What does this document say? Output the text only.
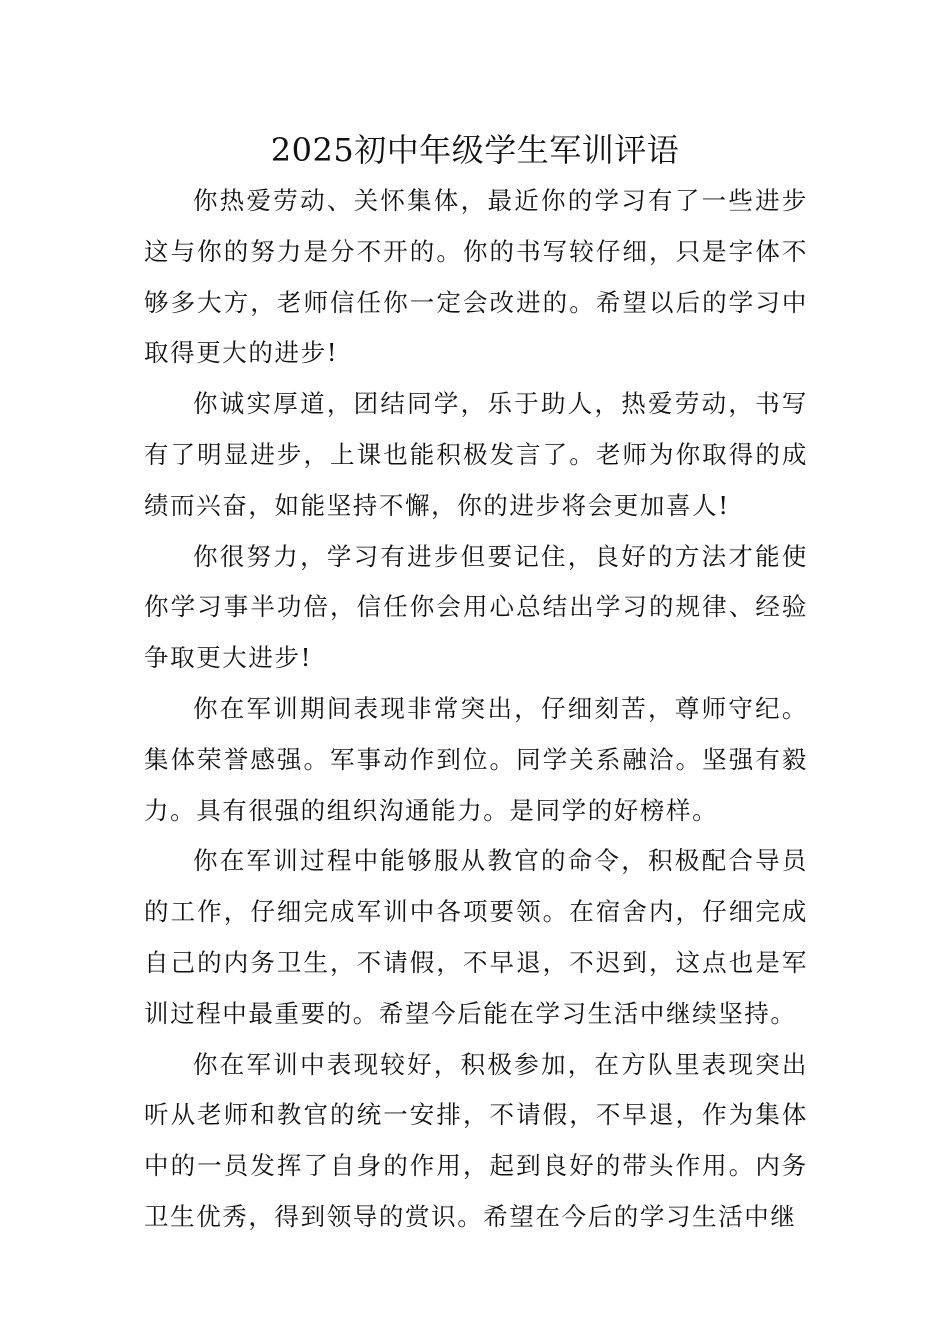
2025初中年级学生军训评语

你热爱劳动、关怀集体，最近你的学习有了一些进步这与你的努力是分不开的。你的书写较仔细，只是字体不够多大方，老师信任你一定会改进的。希望以后的学习中取得更大的进步!

你诚实厚道，团结同学，乐于助人，热爱劳动，书写有了明显进步，上课也能积极发言了。老师为你取得的成绩而兴奋，如能坚持不懈，你的进步将会更加喜人!

你很努力，学习有进步但要记住，良好的方法才能使你学习事半功倍，信任你会用心总结出学习的规律、经验争取更大进步!

你在军训期间表现非常突出，仔细刻苦，尊师守纪。集体荣誉感强。军事动作到位。同学关系融洽。坚强有毅力。具有很强的组织沟通能力。是同学的好榜样。

你在军训过程中能够服从教官的命令，积极配合导员的工作，仔细完成军训中各项要领。在宿舍内，仔细完成自己的内务卫生，不请假，不早退，不迟到，这点也是军训过程中最重要的。希望今后能在学习生活中继续坚持。

你在军训中表现较好，积极参加，在方队里表现突出听从老师和教官的统一安排，不请假，不早退，作为集体中的一员发挥了自身的作用，起到良好的带头作用。内务卫生优秀，得到领导的赏识。希望在今后的学习生活中继
